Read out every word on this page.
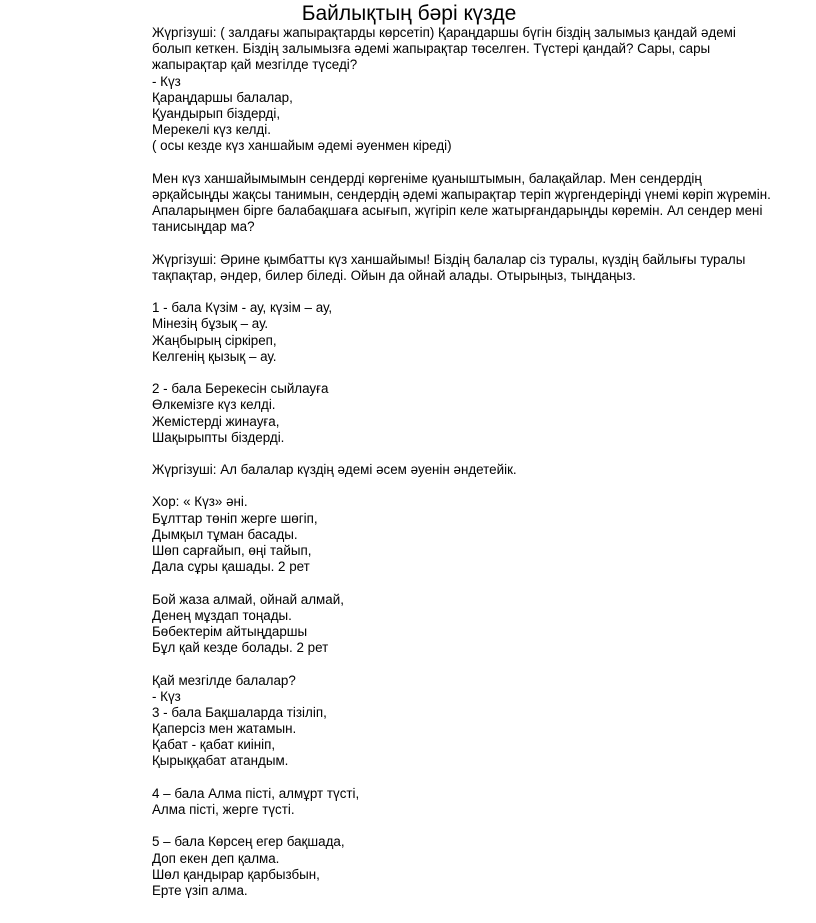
Байлықтың бәрі күзде
Жүргізуші: ( залдағы жапырақтарды көрсетіп) Қараңдаршы бүгін біздің залымыз қандай әдемі
болып кеткен. Біздің залымызға әдемі жапырақтар төселген. Түстері қандай? Сары, сары
жапырақтар қай мезгілде түседі?
- Күз
Қараңдаршы балалар,
Қуандырып біздерді,
Мерекелі күз келді.
( осы кезде күз ханшайым әдемі әуенмен кіреді)
Мен күз ханшайымымын сендерді көргеніме қуаныштымын, балақайлар. Мен сендердің
әрқайсыңды жақсы танимын, сендердің әдемі жапырақтар теріп жүргендеріңді үнемі көріп жүремін.
Апаларыңмен бірге балабақшаға асығып, жүгіріп келе жатырғандарыңды көремін. Ал сендер мені
танисыңдар ма?
Жүргізуші: Әрине қымбатты күз ханшайымы! Біздің балалар сіз туралы, күздің байлығы туралы
тақпақтар, әндер, билер біледі. Ойын да ойнай алады. Отырыңыз, тыңдаңыз.
1 - бала Күзім - ау, күзім – ау,
Мінезің бұзық – ау.
Жаңбырың сіркіреп,
Келгенің қызық – ау.
2 - бала Берекесін сыйлауға
Өлкемізге күз келді.
Жемістерді жинауға,
Шақырыпты біздерді.
Жүргізуші: Ал балалар күздің әдемі әсем әуенін әндетейік.
Хор: « Күз» әні.
Бұлттар төніп жерге шөгіп,
Дымқыл тұман басады.
Шөп сарғайып, өңі тайып,
Дала сұры қашады. 2 рет
Бой жаза алмай, ойнай алмай,
Денең мұздап тоңады.
Бөбектерім айтыңдаршы
Бұл қай кезде болады. 2 рет
Қай мезгілде балалар?
- Күз
3 - бала Бақшаларда тізіліп,
Қаперсіз мен жатамын.
Қабат - қабат киініп,
Қырыққабат атандым.
4 – бала Алма пісті, алмұрт түсті,
Алма пісті, жерге түсті.
5 – бала Көрсең егер бақшада,
Доп екен деп қалма.
Шөл қандырар қарбызбын,
Ерте үзіп алма.
